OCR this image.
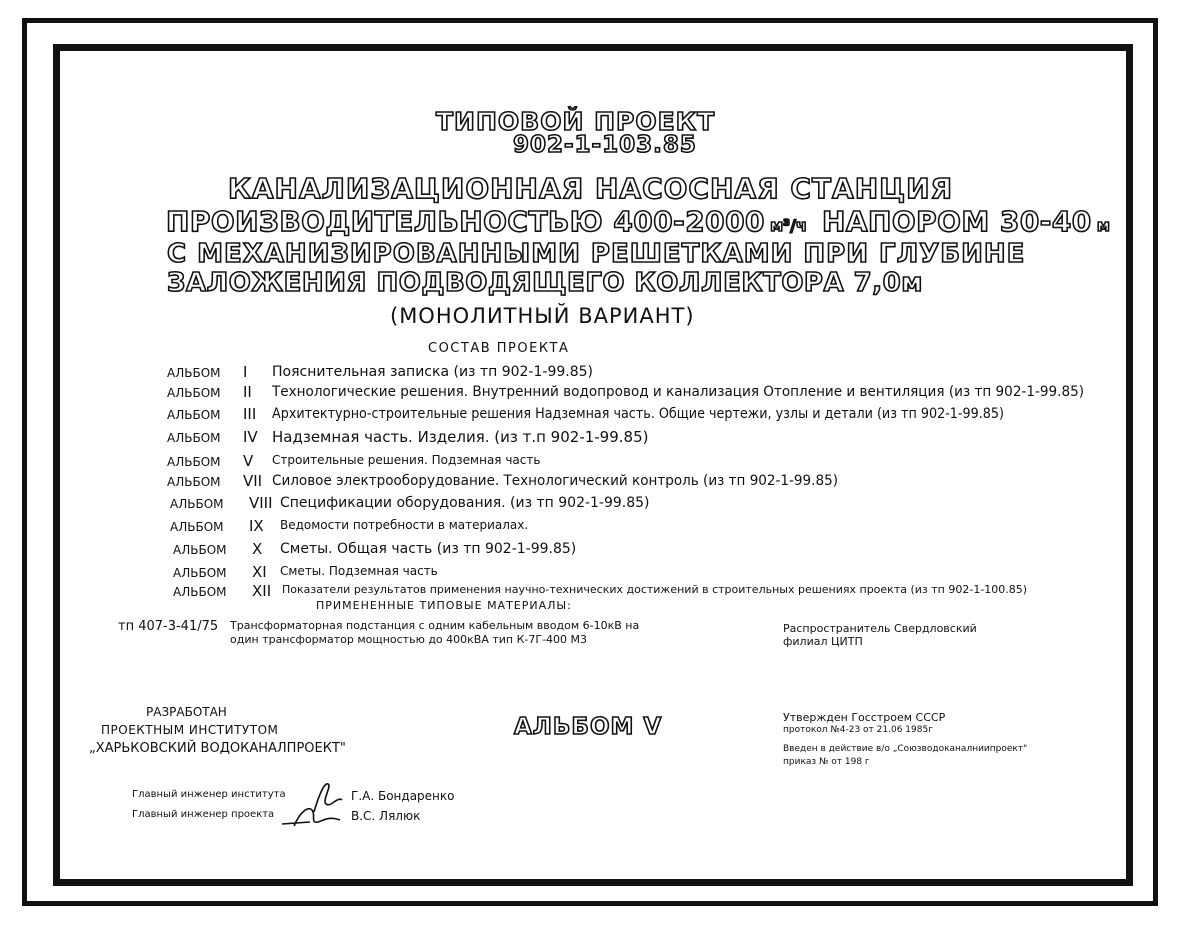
ТИПОВОЙ ПРОЕКТ
902-1-103.85
КАНАЛИЗАЦИОННАЯ НАСОСНАЯ СТАНЦИЯ
ПРОИЗВОДИТЕЛЬНОСТЬЮ 400-2000 м³/ч НАПОРОМ 30-40 м
С МЕХАНИЗИРОВАННЫМИ РЕШЕТКАМИ ПРИ ГЛУБИНЕ
ЗАЛОЖЕНИЯ ПОДВОДЯЩЕГО КОЛЛЕКТОРА 7,0м
(МОНОЛИТНЫЙ ВАРИАНТ)
СОСТАВ ПРОЕКТА
АЛЬБОМ I Пояснительная записка (из тп 902-1-99.85)
АЛЬБОМ II Технологические решения. Внутренний водопровод и канализация Отопление и вентиляция (из тп 902-1-99.85)
АЛЬБОМ III Архитектурно-строительные решения Надземная часть. Общие чертежи, узлы и детали (из тп 902-1-99.85)
АЛЬБОМ IV Надземная часть. Изделия. (из т.п 902-1-99.85)
АЛЬБОМ V Строительные решения. Подземная часть
АЛЬБОМ VII Силовое электрооборудование. Технологический контроль (из тп 902-1-99.85)
АЛЬБОМ VIII Спецификации оборудования. (из тп 902-1-99.85)
АЛЬБОМ IX Ведомости потребности в материалах.
АЛЬБОМ X Сметы. Общая часть (из тп 902-1-99.85)
АЛЬБОМ XI Сметы. Подземная часть
АЛЬБОМ XII Показатели результатов применения научно-технических достижений в строительных решениях проекта (из тп 902-1-100.85)
ПРИМЕНЕННЫЕ ТИПОВЫЕ МАТЕРИАЛЫ:
тп 407-3-41/75 Трансформаторная подстанция с одним кабельным вводом 6-10кВ на
один трансформатор мощностью до 400кВА тип К-7Г-400 М3
Распространитель Свердловский
филиал ЦИТП
РАЗРАБОТАН
ПРОЕКТНЫМ ИНСТИТУТОМ
„ХАРЬКОВСКИЙ ВОДОКАНАЛПРОЕКТ"
АЛЬБОМ V	Утвержден Госстроем СССР
протокол №4-23 от 21.06 1985г
Введен в действие в/о „Союзводоканалниипроект"
приказ № от 198 г
Главный инженер института	Г.А. Бондаренко
Главный инженер проекта	В.С. Лялюк
